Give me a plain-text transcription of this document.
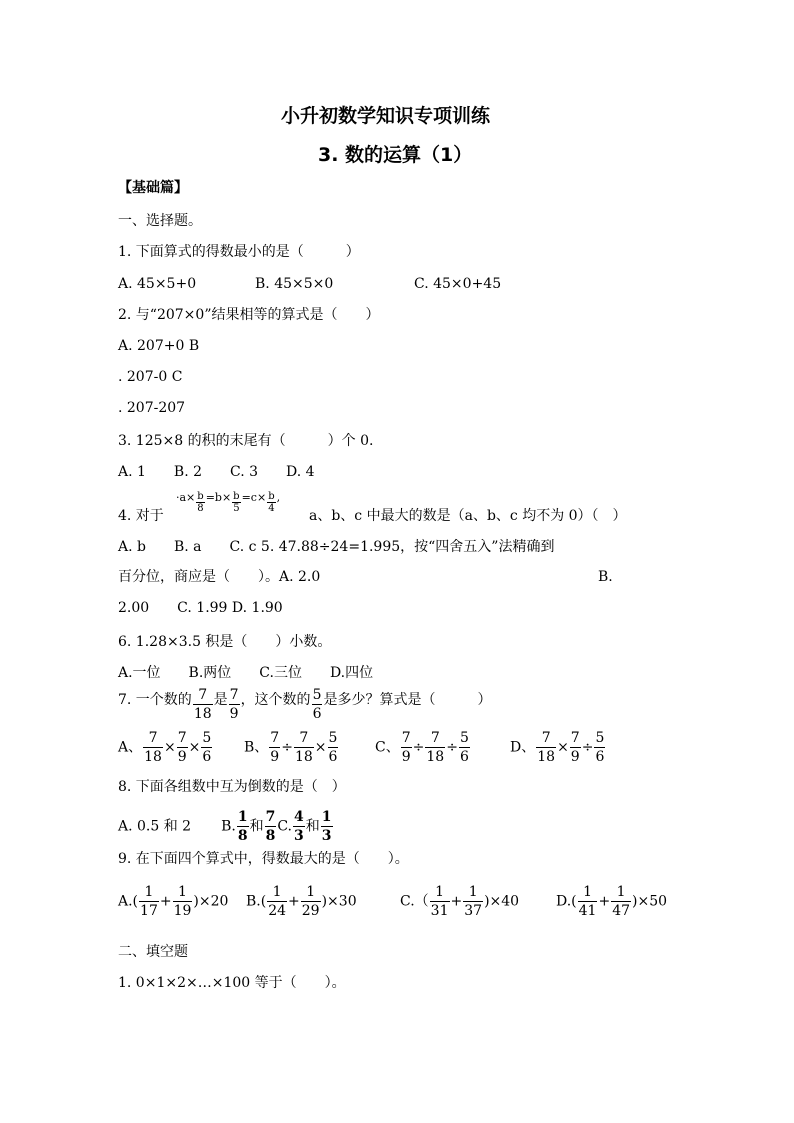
小升初数学知识专项训练
3. 数的运算（1）
【基础篇】
一、选择题。
1. 下面算式的得数最小的是（　　　）
A. 45×5+0	B. 45×5×0	C. 45×0+45
2. 与“207×0”结果相等的算式是（　　）
A. 207+0 B
. 207-0 C
. 207-207
3. 125×8 的积的末尾有（　　　）个 0.
A. 1　　B. 2　　C. 3　　D. 4
4. 对于
$\cdot a\times \frac{b}{8} =b\times \frac{b}{5} =c\times \frac{b}{4}$ ,
a、b、c 中最大的数是（a、b、c 均不为 0）（　）
A. b　　B. a　　C. c 5. 47.88÷24=1.995，按“四舍五入”法精确到
百分位，商应是（　　）。A. 2.0	B.
2.00　　C. 1.99 D. 1.90
6. 1.28×3.5 积是（　　）小数。
A.一位　　B.两位　　C.三位　　D.四位
7. 一个数的 $\frac{7}{18}$ 是 $\frac{7}{9}$ ，这个数的 $\frac{5}{6}$ 是多少？算式是（　　　）
A、 $\frac{7}{18} \times \frac{7}{9} \times \frac{5}{6}$ B、 $\frac{7}{9} \div \frac{7}{18} \times \frac{5}{6}$	C、 $\frac{7}{9} \div \frac{7}{18} \div \frac{5}{6}$	D、 $\frac{7}{18} \times \frac{7}{9} \div \frac{5}{6}$
8. 下面各组数中互为倒数的是（　）
A. 0.5 和 2 B. $\frac{1}{8}$ 和 $\frac{7}{8} C$. $\frac{4}{3}$ 和 $\frac{1}{3}$
9. 在下面四个算式中，得数最大的是（　　）。
$A.( \frac{1}{17} + \frac{1}{19} )\times 20$ $B.( \frac{1}{24} + \frac{1}{29} )\times 30$	$C.( \frac{1}{31} + \frac{1}{37} )\times 40$	$D.( \frac{1}{41} + \frac{1}{47} )\times 50$
二、填空题
1. 0×1×2×…×100 等于（　　）。
